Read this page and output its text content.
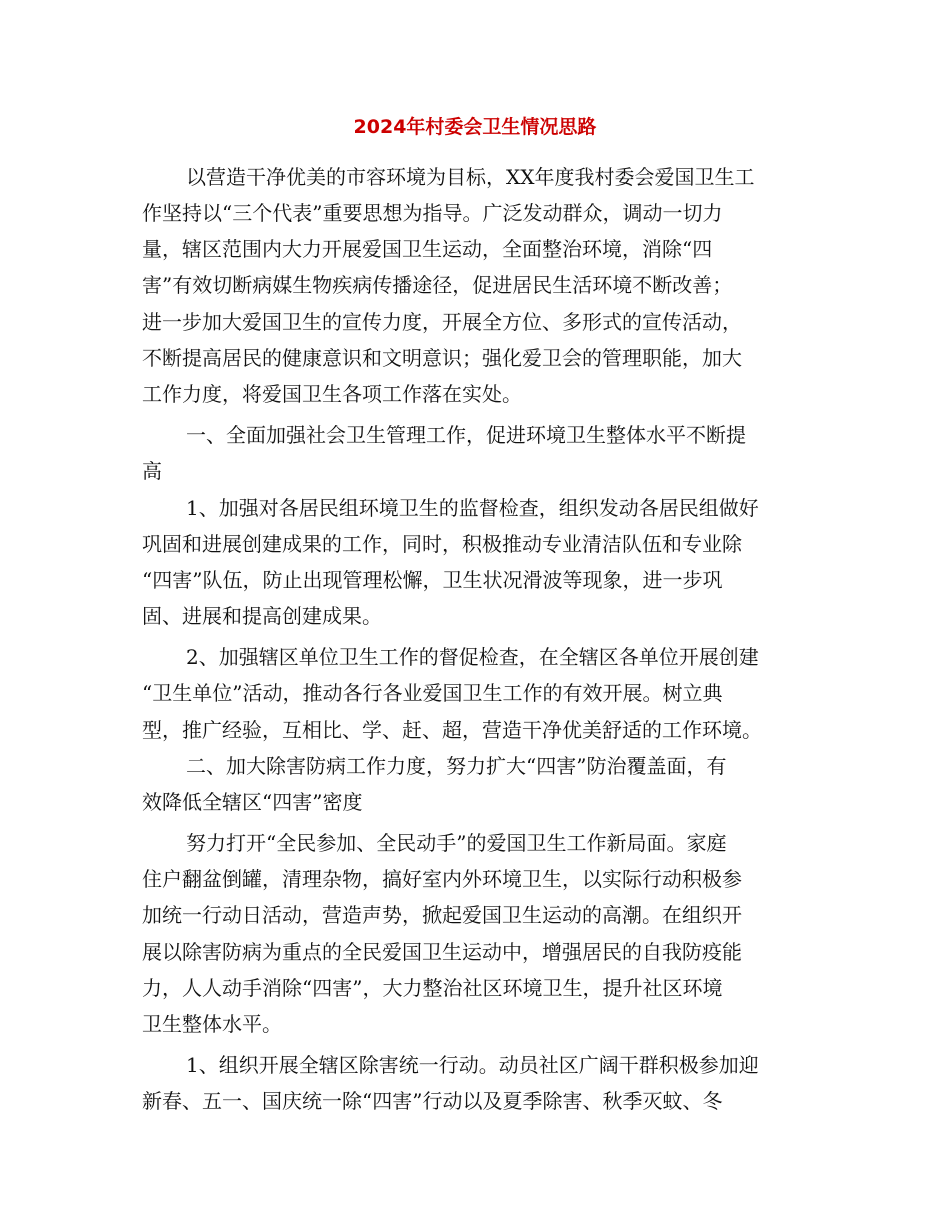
2024年村委会卫生情况思路

以营造干净优美的市容环境为目标，XX年度我村委会爱国卫生工

作坚持以“三个代表”重要思想为指导。广泛发动群众，调动一切力

量，辖区范围内大力开展爱国卫生运动，全面整治环境，消除“四

害”有效切断病媒生物疾病传播途径，促进居民生活环境不断改善；

进一步加大爱国卫生的宣传力度，开展全方位、多形式的宣传活动，

不断提高居民的健康意识和文明意识；强化爱卫会的管理职能，加大

工作力度，将爱国卫生各项工作落在实处。

一、全面加强社会卫生管理工作，促进环境卫生整体水平不断提

高

1、加强对各居民组环境卫生的监督检查，组织发动各居民组做好

巩固和进展创建成果的工作，同时，积极推动专业清洁队伍和专业除

“四害”队伍，防止出现管理松懈，卫生状况滑波等现象，进一步巩

固、进展和提高创建成果。

2、加强辖区单位卫生工作的督促检查，在全辖区各单位开展创建

“卫生单位”活动，推动各行各业爱国卫生工作的有效开展。树立典

型，推广经验，互相比、学、赶、超，营造干净优美舒适的工作环境。

二、加大除害防病工作力度，努力扩大“四害”防治覆盖面，有

效降低全辖区“四害”密度

努力打开“全民参加、全民动手”的爱国卫生工作新局面。家庭

住户翻盆倒罐，清理杂物，搞好室内外环境卫生，以实际行动积极参

加统一行动日活动，营造声势，掀起爱国卫生运动的高潮。在组织开

展以除害防病为重点的全民爱国卫生运动中，增强居民的自我防疫能

力，人人动手消除“四害”，大力整治社区环境卫生，提升社区环境

卫生整体水平。

1、组织开展全辖区除害统一行动。动员社区广阔干群积极参加迎

新春、五一、国庆统一除“四害”行动以及夏季除害、秋季灭蚊、冬
